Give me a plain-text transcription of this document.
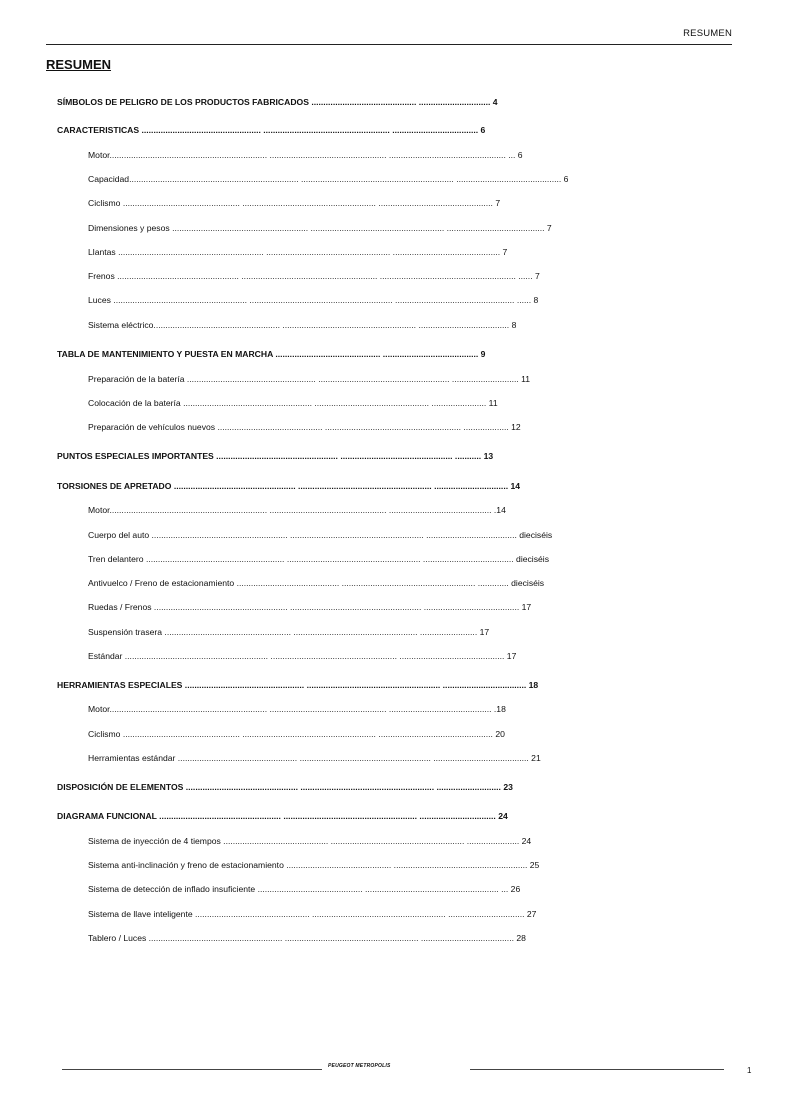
RESUMEN
RESUMEN
SÍMBOLOS DE PELIGRO DE LOS PRODUCTOS FABRICADOS ............................................ .............................. 4
CARACTERISTICAS .................................................. ..................................................... .................................... 6
Motor.................................................................. ................................................. ................................................. ... 6
Capacidad....................................................................... ................................................................ ............................................ 6
Ciclismo ................................................. ........................................................ ................................................ 7
Dimensiones y pesos ......................................................... ........................................................ ......................................... 7
Llantas ............................................................. .................................................... ............................................. 7
Frenos ................................................... ......................................................... ......................................................... ...... 7
Luces ........................................................ ............................................................ .................................................. ...... 8
Sistema eléctrico..................................................... ........................................................ ...................................... 8
TABLA DE MANTENIMIENTO Y PUESTA EN MARCHA ............................................ ........................................ 9
Preparación de la batería ...................................................... ....................................................... ............................ 11
Colocación de la batería ...................................................... ................................................ ....................... 11
Preparación de vehículos nuevos ............................................ ......................................................... ................... 12
PUNTOS ESPECIALES IMPORTANTES ................................................... ............................................... ........... 13
TORSIONES DE APRETADO ................................................... ........................................................ ............................... 14
Motor.................................................................. ................................................. ........................................... .14
Cuerpo del auto ......................................................... ........................................................ ...................................... dieciséis
Tren delantero .......................................................... ........................................................ ...................................... dieciséis
Antivuelco / Freno de estacionamiento ........................................... ........................................................ ............. dieciséis
Ruedas / Frenos ........................................................ ....................................................... ........................................ 17
Suspensión trasera ..................................................... .................................................... ........................ 17
Estándar ............................................................ ..................................................... ............................................ 17
HERRAMIENTAS ESPECIALES .................................................. ........................................................ ................................... 18
Motor.................................................................. ................................................. ........................................... .18
Ciclismo ................................................. ........................................................ ................................................ 20
Herramientas estándar .................................................. ....................................................... ........................................ 21
DISPOSICIÓN DE ELEMENTOS ............................................... ........................................................ ........................... 23
DIAGRAMA FUNCIONAL ................................................... ........................................................ ................................ 24
Sistema de inyección de 4 tiempos ............................................ ........................................................ ...................... 24
Sistema anti-inclinación y freno de estacionamiento ............................................ ........................................................ 25
Sistema de detección de inflado insuficiente ............................................ ........................................................ ... 26
Sistema de llave inteligente ................................................ ........................................................ ................................ 27
Tablero / Luces ........................................................ ........................................................ ....................................... 28
PEUGEOT METROPOLIS	1
